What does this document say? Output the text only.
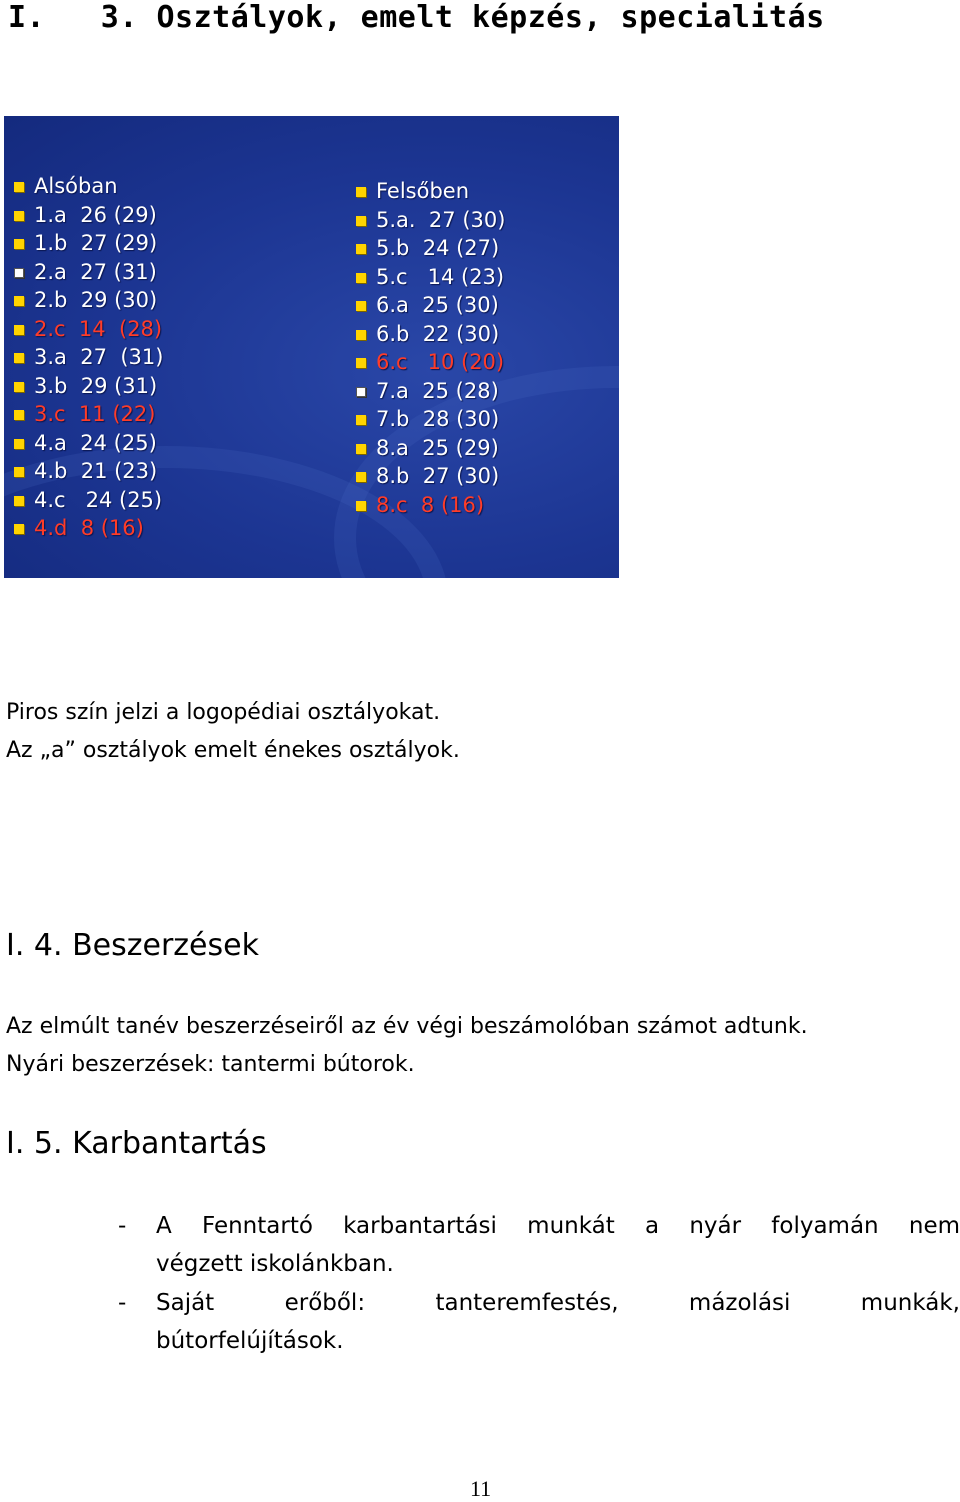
I.   3. Osztályok, emelt képzés, specialitás
Alsóban
1.a  26 (29)
1.b  27 (29)
2.a  27 (31)
2.b  29 (30)
2.c  14  (28)
3.a  27  (31)
3.b  29 (31)
3.c  11 (22)
4.a  24 (25)
4.b  21 (23)
4.c   24 (25)
4.d  8 (16)
Felsőben
5.a.  27 (30)
5.b  24 (27)
5.c   14 (23)
6.a  25 (30)
6.b  22 (30)
6.c   10 (20)
7.a  25 (28)
7.b  28 (30)
8.a  25 (29)
8.b  27 (30)
8.c  8 (16)
Piros szín jelzi a logopédiai osztályokat.
Az „a” osztályok emelt énekes osztályok.
I. 4. Beszerzések
Az elmúlt tanév beszerzéseiről az év végi beszámolóban számot adtunk.
Nyári beszerzések: tantermi bútorok.
I. 5. Karbantartás
- A Fenntartó karbantartási munkát a nyár folyamán nem
végzett iskolánkban.
- Saját erőből: tanteremfestés, mázolási munkák,
bútorfelújítások.
11
